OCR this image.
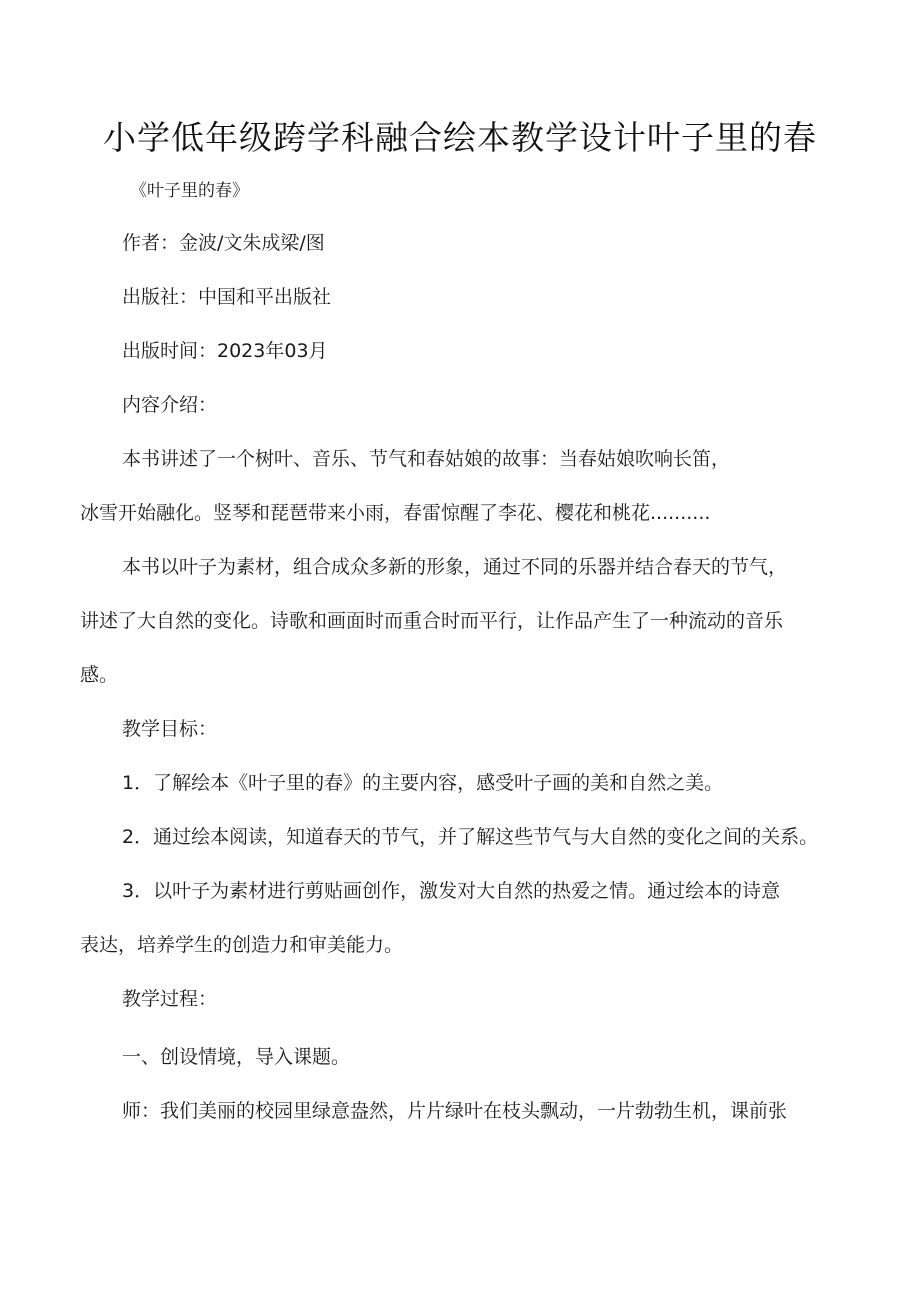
小学低年级跨学科融合绘本教学设计叶子里的春
《叶子里的春》
作者：金波/文朱成梁/图
出版社：中国和平出版社
出版时间：2023年03月
内容介绍：
本书讲述了一个树叶、音乐、节气和春姑娘的故事：当春姑娘吹响长笛，
冰雪开始融化。竖琴和琵琶带来小雨，春雷惊醒了李花、樱花和桃花..........
本书以叶子为素材，组合成众多新的形象，通过不同的乐器并结合春天的节气，
讲述了大自然的变化。诗歌和画面时而重合时而平行，让作品产生了一种流动的音乐
感。
教学目标：
1．了解绘本《叶子里的春》的主要内容，感受叶子画的美和自然之美。
2．通过绘本阅读，知道春天的节气，并了解这些节气与大自然的变化之间的关系。
3．以叶子为素材进行剪贴画创作，激发对大自然的热爱之情。通过绘本的诗意
表达，培养学生的创造力和审美能力。
教学过程：
一、创设情境，导入课题。
师：我们美丽的校园里绿意盎然，片片绿叶在枝头飘动，一片勃勃生机，课前张
